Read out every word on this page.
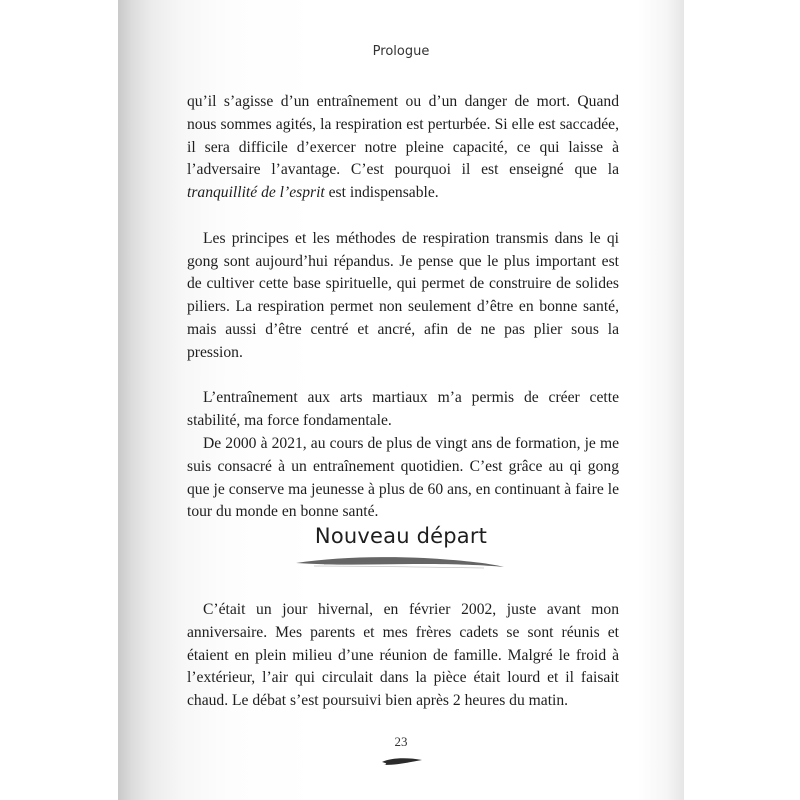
Prologue

qu’il s’agisse d’un entraînement ou d’un danger de mort. Quand nous sommes agités, la respiration est perturbée. Si elle est saccadée, il sera difficile d’exercer notre pleine capacité, ce qui laisse à l’adversaire l’avantage. C’est pourquoi il est enseigné que la tranquillité de l’esprit est indispensable.

Les principes et les méthodes de respiration transmis dans le qi gong sont aujourd’hui répandus. Je pense que le plus important est de cultiver cette base spirituelle, qui permet de construire de solides piliers. La respiration permet non seulement d’être en bonne santé, mais aussi d’être centré et ancré, afin de ne pas plier sous la pression.

L’entraînement aux arts martiaux m’a permis de créer cette stabilité, ma force fondamentale.

De 2000 à 2021, au cours de plus de vingt ans de formation, je me suis consacré à un entraînement quotidien. C’est grâce au qi gong que je conserve ma jeunesse à plus de 60 ans, en continuant à faire le tour du monde en bonne santé.

Nouveau départ

C’était un jour hivernal, en février 2002, juste avant mon anniversaire. Mes parents et mes frères cadets se sont réunis et étaient en plein milieu d’une réunion de famille. Malgré le froid à l’extérieur, l’air qui circulait dans la pièce était lourd et il faisait chaud. Le débat s’est poursuivi bien après 2 heures du matin.

23
